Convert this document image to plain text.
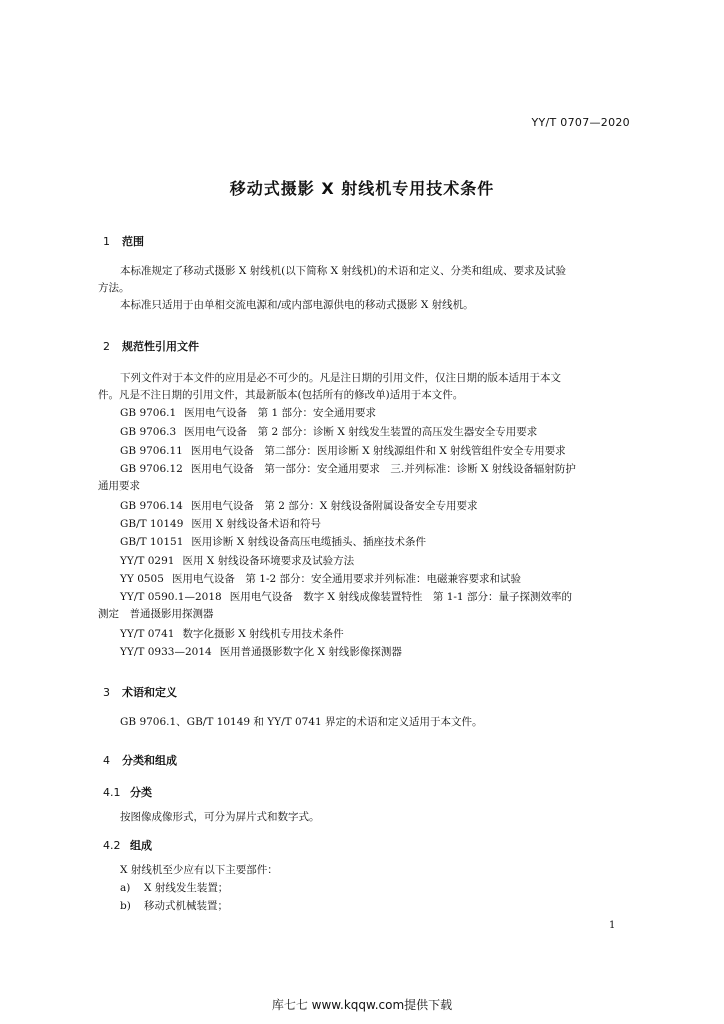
YY/T 0707—2020
移动式摄影 X 射线机专用技术条件
1 范围
本标准规定了移动式摄影 X 射线机(以下简称 X 射线机)的术语和定义、分类和组成、要求及试验
方法。
本标准只适用于由单相交流电源和/或内部电源供电的移动式摄影 X 射线机。
2 规范性引用文件
下列文件对于本文件的应用是必不可少的。凡是注日期的引用文件，仅注日期的版本适用于本文
件。凡是不注日期的引用文件，其最新版本(包括所有的修改单)适用于本文件。
GB 9706.1 医用电气设备　第 1 部分：安全通用要求
GB 9706.3 医用电气设备　第 2 部分：诊断 X 射线发生装置的高压发生器安全专用要求
GB 9706.11 医用电气设备　第二部分：医用诊断 X 射线源组件和 X 射线管组件安全专用要求
GB 9706.12 医用电气设备　第一部分：安全通用要求　三.并列标准：诊断 X 射线设备辐射防护
通用要求
GB 9706.14 医用电气设备　第 2 部分：X 射线设备附属设备安全专用要求
GB/T 10149 医用 X 射线设备术语和符号
GB/T 10151 医用诊断 X 射线设备高压电缆插头、插座技术条件
YY/T 0291 医用 X 射线设备环境要求及试验方法
YY 0505 医用电气设备　第 1-2 部分：安全通用要求并列标准：电磁兼容要求和试验
YY/T 0590.1—2018 医用电气设备　数字 X 射线成像装置特性　第 1-1 部分：量子探测效率的
测定　普通摄影用探测器
YY/T 0741 数字化摄影 X 射线机专用技术条件
YY/T 0933—2014 医用普通摄影数字化 X 射线影像探测器
3 术语和定义
GB 9706.1、GB/T 10149 和 YY/T 0741 界定的术语和定义适用于本文件。
4 分类和组成
4.1 分类
按图像成像形式，可分为屏片式和数字式。
4.2 组成
X 射线机至少应有以下主要部件：
a) X 射线发生装置；
b) 移动式机械装置；
1
库七七 www.kqqw.com提供下载
